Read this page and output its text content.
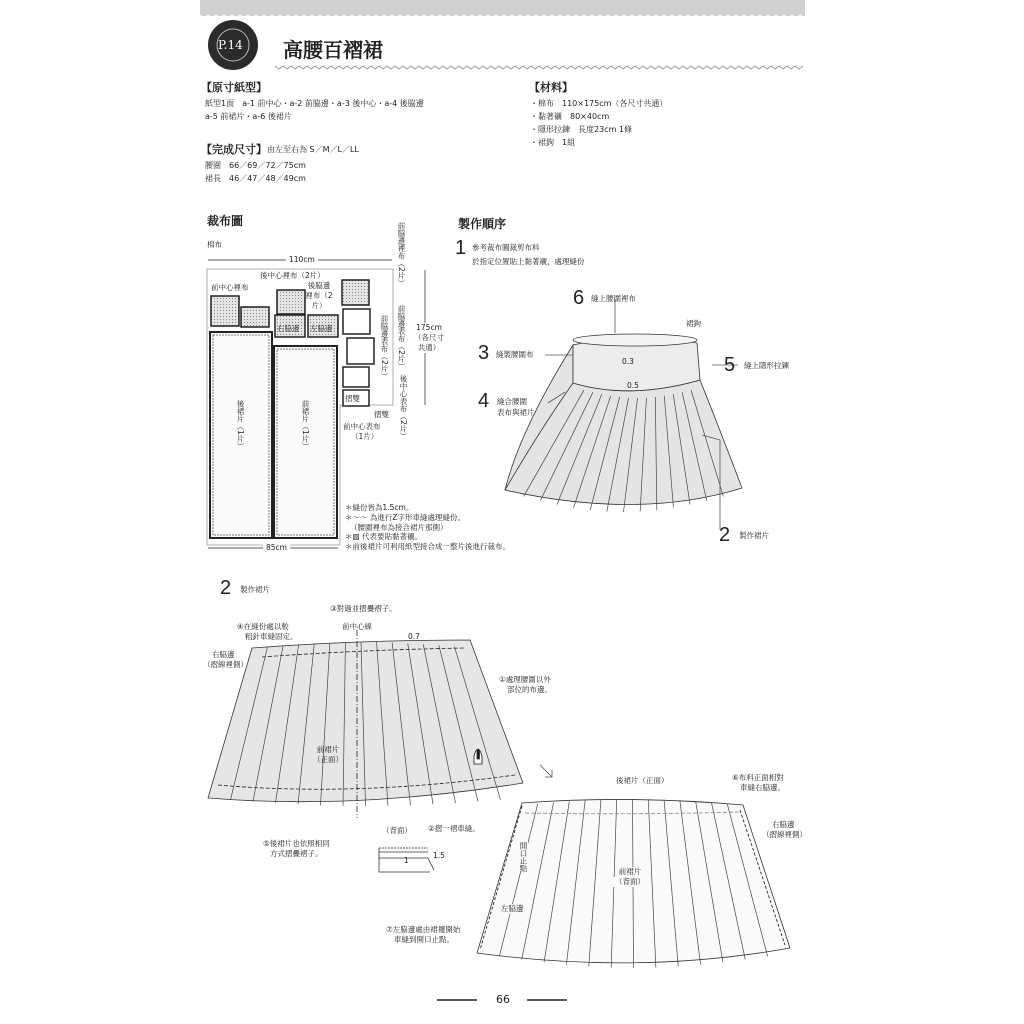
P.14 高腰百褶裙
【原寸紙型】
紙型1面　a-1 前中心・a-2 前脇邊・a-3 後中心・a-4 後脇邊
a-5 前裙片・a-6 後裙片
【完成尺寸】 由左至右為 S／M／L／LL
腰圍　66／69／72／75cm
裙長　46／47／48／49cm
【材料】
・棉布　110×175cm（各尺寸共通）
・黏著襯　80×40cm
・隱形拉鍊　長度23cm 1條
・裙鉤　1組
裁布圖
棉布
110cm
85cm
175cm（各尺寸共通）
前中心裡布
後中心裡布（2片）
後脇邊裡布（2片）
右脇邊 左脇邊
前脇邊裡布（2片）
前脇邊表布（2片）
前脇邊表布（2片）
後中心表布（2片）
摺雙
摺雙
前中心表布
（1片）
後裙片（1片）	前裙片（1片）
＊縫份皆為1.5cm。
＊～～ 為進行Z字形車縫處理縫份。
（腰圍裡布為接合裙片那側）
＊▨ 代表要貼黏著襯。
＊前後裙片可利用紙型接合成一整片後進行裁布。
製作順序
1 參考裁布圖裁剪布料
於指定位置貼上黏著襯，處理縫份
6 縫上腰圍裡布
3 縫製腰圍布
4 縫合腰圍
表布與裙片
5 縫上隱形拉鍊
2 製作裙片
裙鉤
0.3
0.5
2 製作裙片
③對過並摺疊褶子。
④在縫份處以較
粗針車縫固定。
前中心線
0.7
右脇邊
（摺線裡側）
①處理腰圍以外
部位的布邊。
前裙片
（正面）
（背面） ②摺一褶車縫。
1.5
1
⑤後裙片也依照相同
方式摺疊褶子。
後裙片（正面）	⑥布料正面相對
車縫右脇邊。
右脇邊
（摺線裡側）
開口止點	前裙片
（背面）
左脇邊
⑦左脇邊處由裙襬開始
車縫到開口止點。
66
